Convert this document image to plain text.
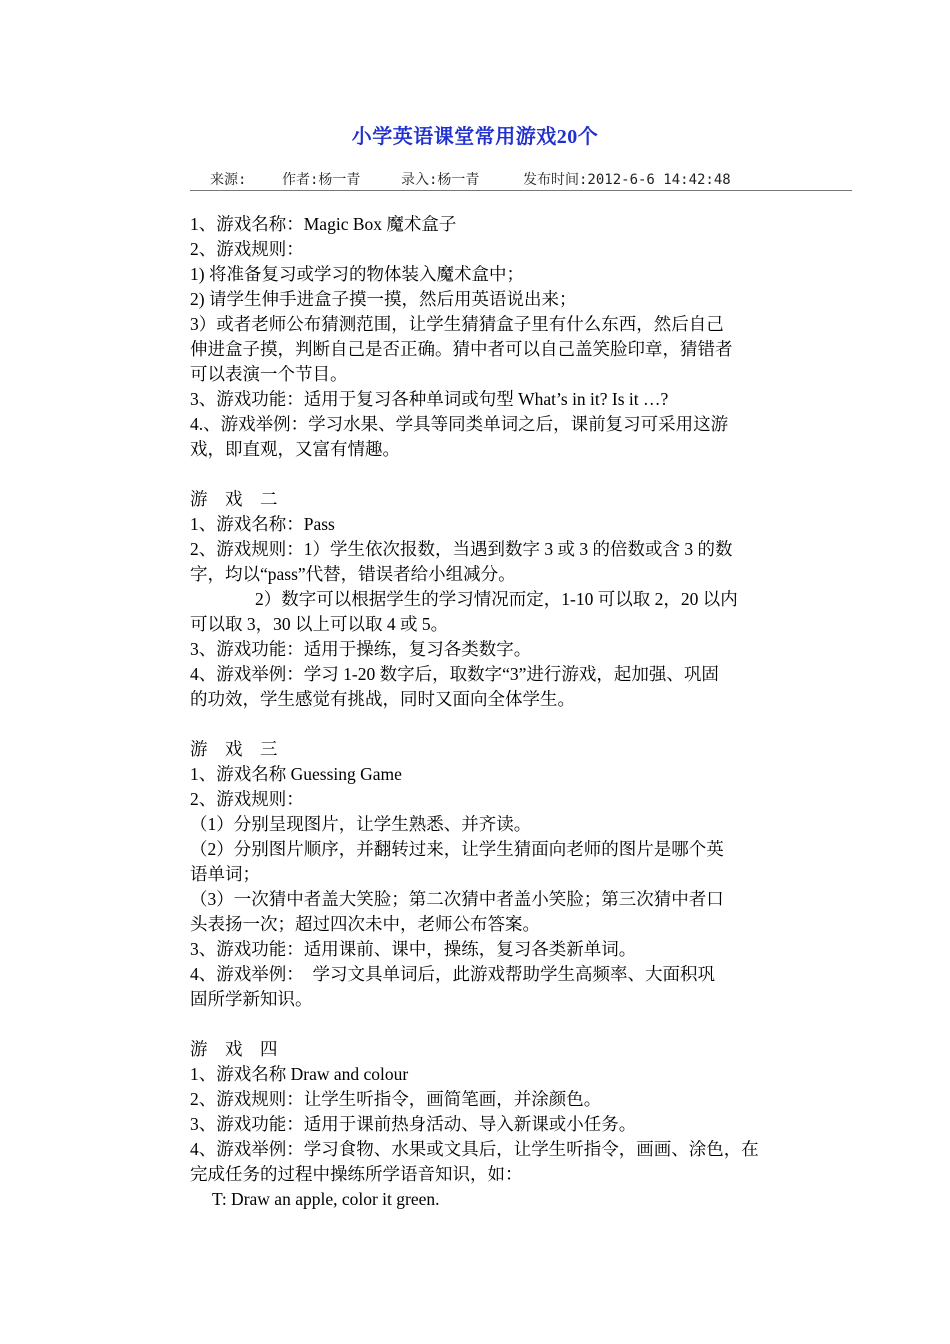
小学英语课堂常用游戏20个
来源:	作者:杨一青	录入:杨一青	发布时间:2012-6-6 14:42:48
1、游戏名称：Magic Box 魔术盒子
2、游戏规则：
1) 将准备复习或学习的物体装入魔术盒中；
2) 请学生伸手进盒子摸一摸，然后用英语说出来；
3）或者老师公布猜测范围，让学生猜猜盒子里有什么东西，然后自己
伸进盒子摸，判断自己是否正确。猜中者可以自己盖笑脸印章，猜错者
可以表演一个节目。
3、游戏功能：适用于复习各种单词或句型 What’s in it? Is it …?
4.、游戏举例：学习水果、学具等同类单词之后，课前复习可采用这游
戏，即直观，又富有情趣。
游　戏　二
1、游戏名称：Pass
2、游戏规则：1）学生依次报数，当遇到数字 3 或 3 的倍数或含 3 的数
字，均以“pass”代替，错误者给小组减分。
2）数字可以根据学生的学习情况而定，1-10 可以取 2，20 以内
可以取 3，30 以上可以取 4 或 5。
3、游戏功能：适用于操练，复习各类数字。
4、游戏举例：学习 1-20 数字后，取数字“3”进行游戏，起加强、巩固
的功效，学生感觉有挑战，同时又面向全体学生。
游　戏　三
1、游戏名称 Guessing Game
2、游戏规则：
（1）分别呈现图片，让学生熟悉、并齐读。
（2）分别图片顺序，并翻转过来，让学生猜面向老师的图片是哪个英
语单词；
（3）一次猜中者盖大笑脸；第二次猜中者盖小笑脸；第三次猜中者口
头表扬一次；超过四次未中，老师公布答案。
3、游戏功能：适用课前、课中，操练，复习各类新单词。
4、游戏举例：　学习文具单词后，此游戏帮助学生高频率、大面积巩
固所学新知识。
游　戏　四
1、游戏名称 Draw and colour
2、游戏规则：让学生听指令，画简笔画，并涂颜色。
3、游戏功能：适用于课前热身活动、导入新课或小任务。
4、游戏举例：学习食物、水果或文具后，让学生听指令，画画、涂色，在
完成任务的过程中操练所学语音知识，如：
T: Draw an apple, color it green.
